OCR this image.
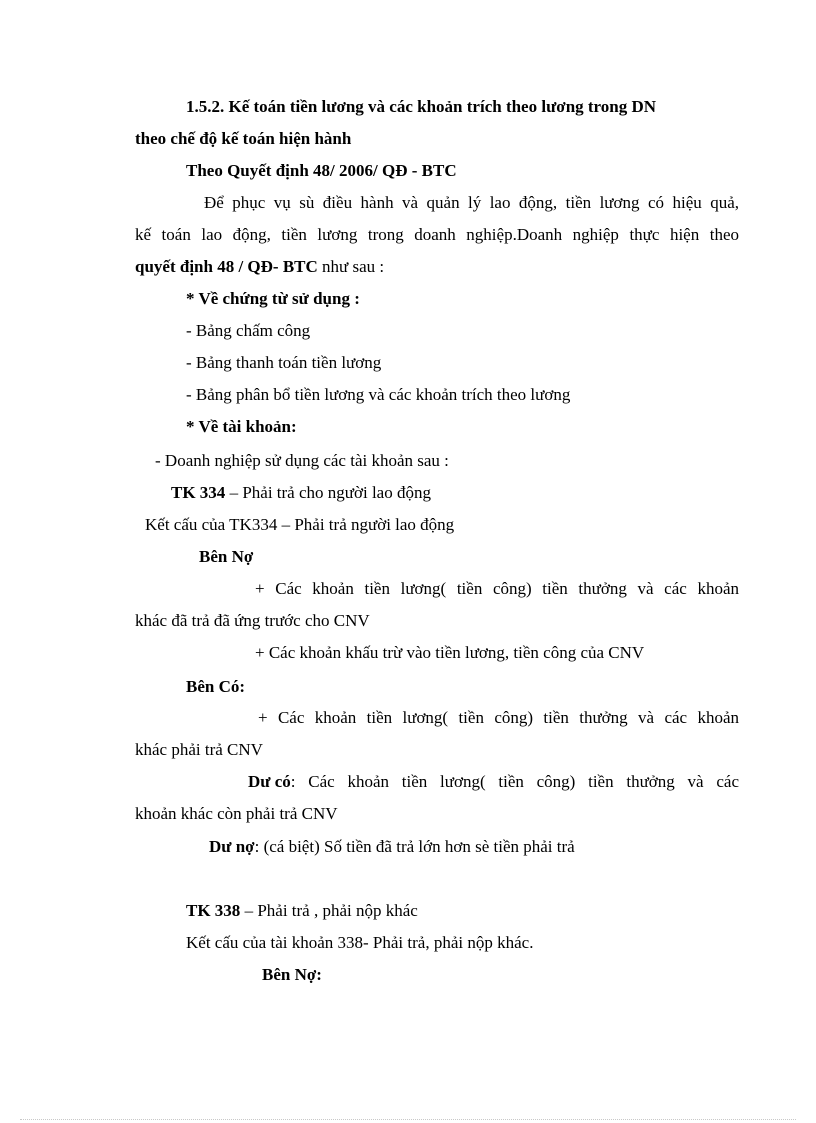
1.5.2. Kế toán tiền lương và các khoản trích theo lương trong DN
theo chế độ kế toán hiện hành
Theo Quyết định 48/ 2006/ QĐ - BTC
Để phục vụ sù điều hành và quản lý lao động, tiền lương có hiệu quả,
kế toán lao động, tiền lương trong doanh nghiệp.Doanh nghiệp thực hiện theo
quyết định 48 / QĐ- BTC như sau :
* Về chứng từ sử dụng :
- Bảng chấm công
- Bảng thanh toán tiền lương
- Bảng phân bổ tiền lương và các khoản trích theo lương
* Về tài khoản:
- Doanh nghiệp sử dụng các tài khoản sau :
TK 334 – Phải trả cho người lao động
Kết cấu của TK334 – Phải trả người lao động
Bên Nợ
+ Các khoản tiền lương( tiền công) tiền thưởng và các khoản
khác đã trả đã ứng trước cho CNV
+ Các khoản khấu trừ vào tiền lương, tiền công của CNV
Bên Có:
+ Các khoản tiền lương( tiền công) tiền thưởng và các khoản
khác phải trả CNV
Dư có : Các khoản tiền lương( tiền công) tiền thưởng và các
khoản khác còn phải trả CNV
Dư nợ: (cá biệt) Số tiền đã trả lớn hơn sè tiền phải trả
TK 338 – Phải trả , phải nộp khác
Kết cấu của tài khoản 338- Phải trả, phải nộp khác.
Bên Nợ:
